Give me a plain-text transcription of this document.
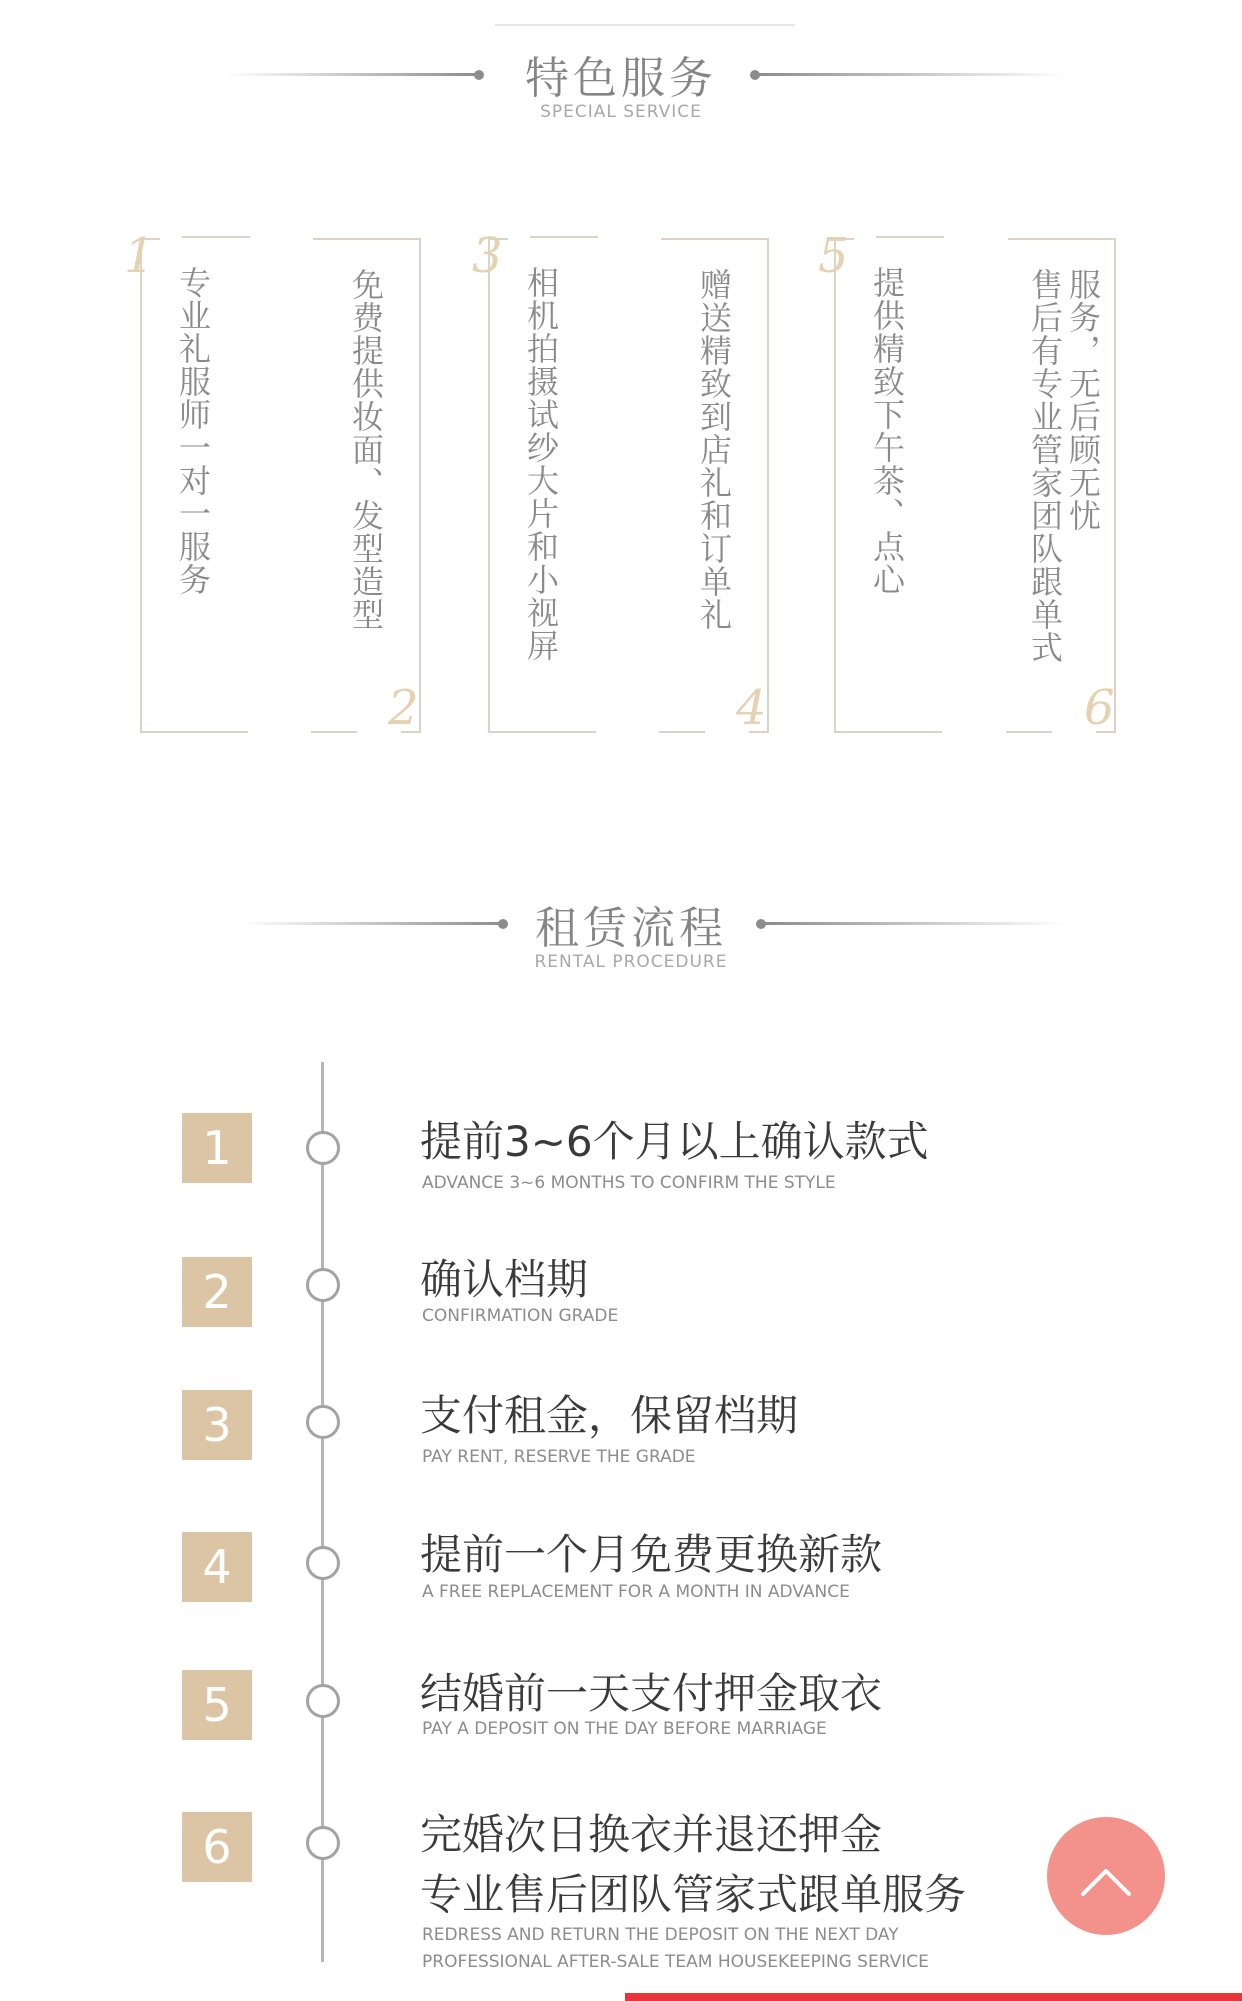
特色服务
SPECIAL SERVICE
专业礼服师一对一服务
1
免费提供妆面、发型造型
2
相机拍摄试纱大片和小视屏
3
赠送精致到店礼和订单礼
4
提供精致下午茶、点心
5
服务，无后顾无忧
售后有专业管家团队跟单式
6
租赁流程
RENTAL PROCEDURE
1	提前3~6个月以上确认款式
ADVANCE 3~6 MONTHS TO CONFIRM THE STYLE
2	确认档期
CONFIRMATION GRADE
3	支付租金，保留档期
PAY RENT, RESERVE THE GRADE
4	提前一个月免费更换新款
A FREE REPLACEMENT FOR A MONTH IN ADVANCE
5	结婚前一天支付押金取衣
PAY A DEPOSIT ON THE DAY BEFORE MARRIAGE
6	完婚次日换衣并退还押金
专业售后团队管家式跟单服务
REDRESS AND RETURN THE DEPOSIT ON THE NEXT DAY
PROFESSIONAL AFTER-SALE TEAM HOUSEKEEPING SERVICE
